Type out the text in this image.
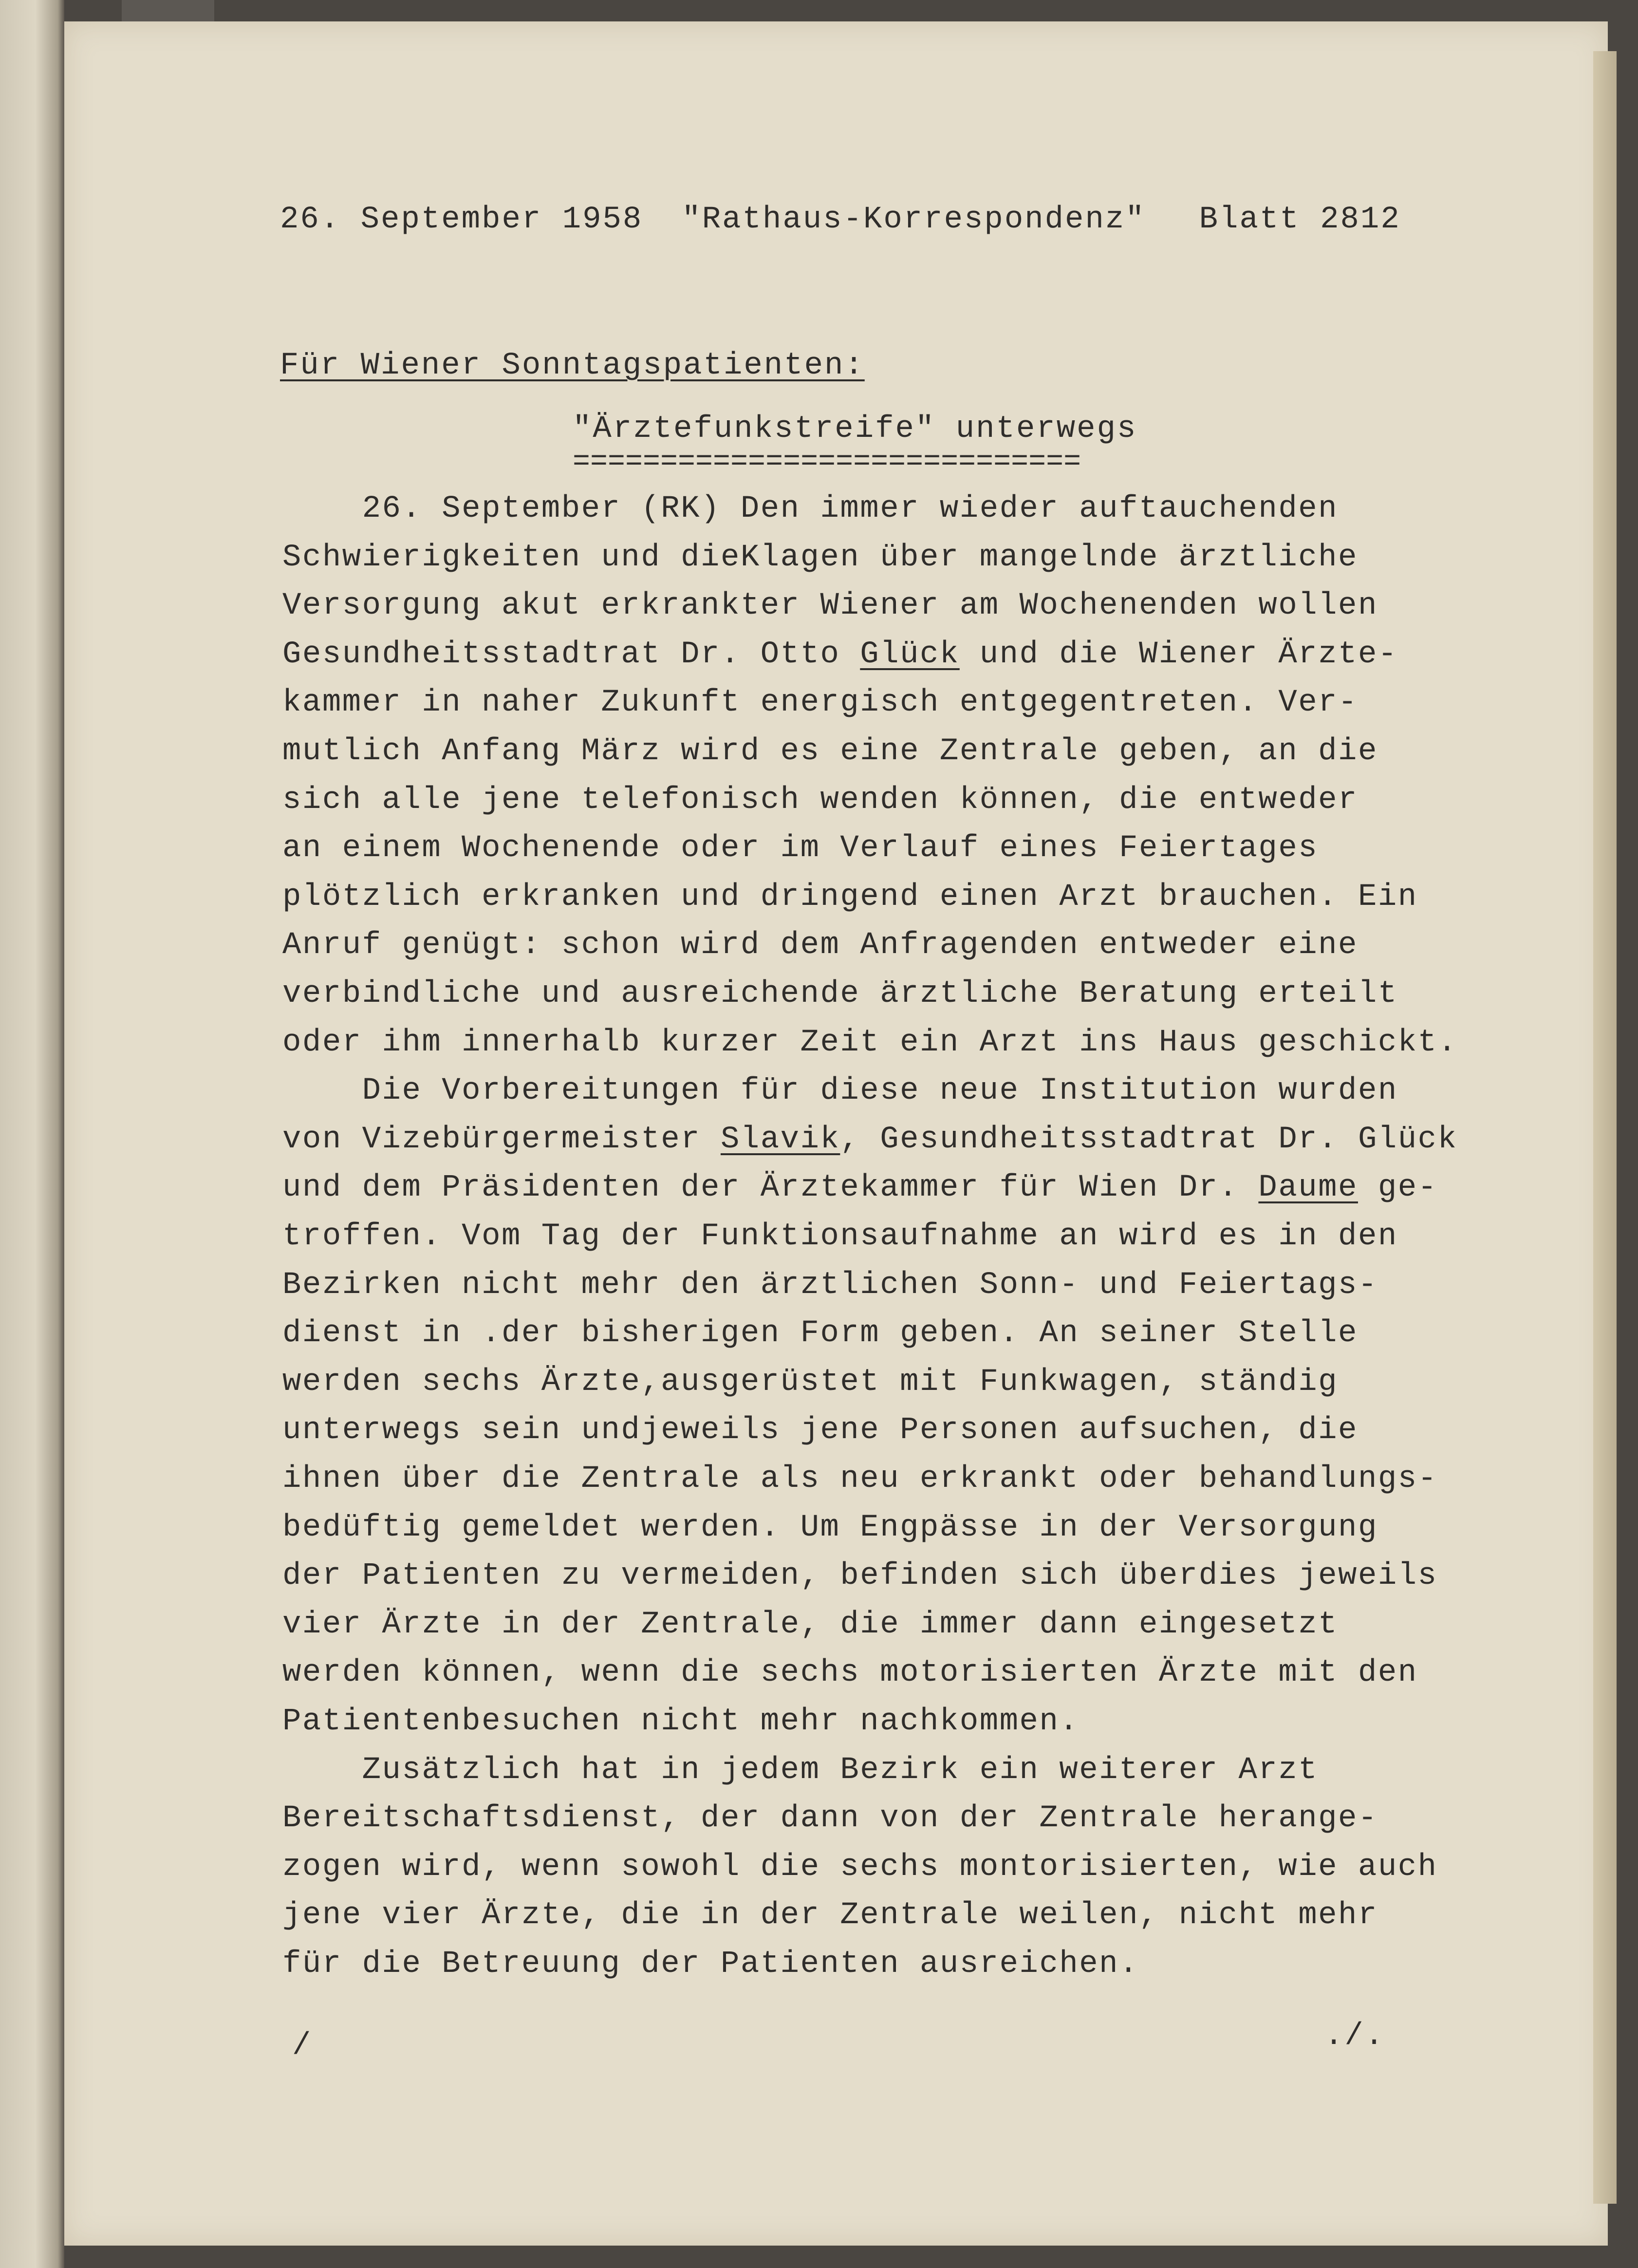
26. September 1958 "Rathaus-Korrespondenz" Blatt 2812
Für Wiener Sonntagspatienten:
"Ärztefunkstreife" unterwegs
=============================
26. September (RK) Den immer wieder auftauchenden
Schwierigkeiten und dieKlagen über mangelnde ärztliche
Versorgung akut erkrankter Wiener am Wochenenden wollen
Gesundheitsstadtrat Dr. Otto Glück und die Wiener Ärzte-
kammer in naher Zukunft energisch entgegentreten. Ver-
mutlich Anfang März wird es eine Zentrale geben, an die
sich alle jene telefonisch wenden können, die entweder
an einem Wochenende oder im Verlauf eines Feiertages
plötzlich erkranken und dringend einen Arzt brauchen. Ein
Anruf genügt: schon wird dem Anfragenden entweder eine
verbindliche und ausreichende ärztliche Beratung erteilt
oder ihm innerhalb kurzer Zeit ein Arzt ins Haus geschickt.
Die Vorbereitungen für diese neue Institution wurden
von Vizebürgermeister Slavik, Gesundheitsstadtrat Dr. Glück
und dem Präsidenten der Ärztekammer für Wien Dr. Daume ge-
troffen. Vom Tag der Funktionsaufnahme an wird es in den
Bezirken nicht mehr den ärztlichen Sonn- und Feiertags-
dienst in .der bisherigen Form geben. An seiner Stelle
werden sechs Ärzte,ausgerüstet mit Funkwagen, ständig
unterwegs sein undjeweils jene Personen aufsuchen, die
ihnen über die Zentrale als neu erkrankt oder behandlungs-
bedüftig gemeldet werden. Um Engpässe in der Versorgung
der Patienten zu vermeiden, befinden sich überdies jeweils
vier Ärzte in der Zentrale, die immer dann eingesetzt
werden können, wenn die sechs motorisierten Ärzte mit den
Patientenbesuchen nicht mehr nachkommen.
Zusätzlich hat in jedem Bezirk ein weiterer Arzt
Bereitschaftsdienst, der dann von der Zentrale herange-
zogen wird, wenn sowohl die sechs montorisierten, wie auch
jene vier Ärzte, die in der Zentrale weilen, nicht mehr
für die Betreuung der Patienten ausreichen.
/	./.
